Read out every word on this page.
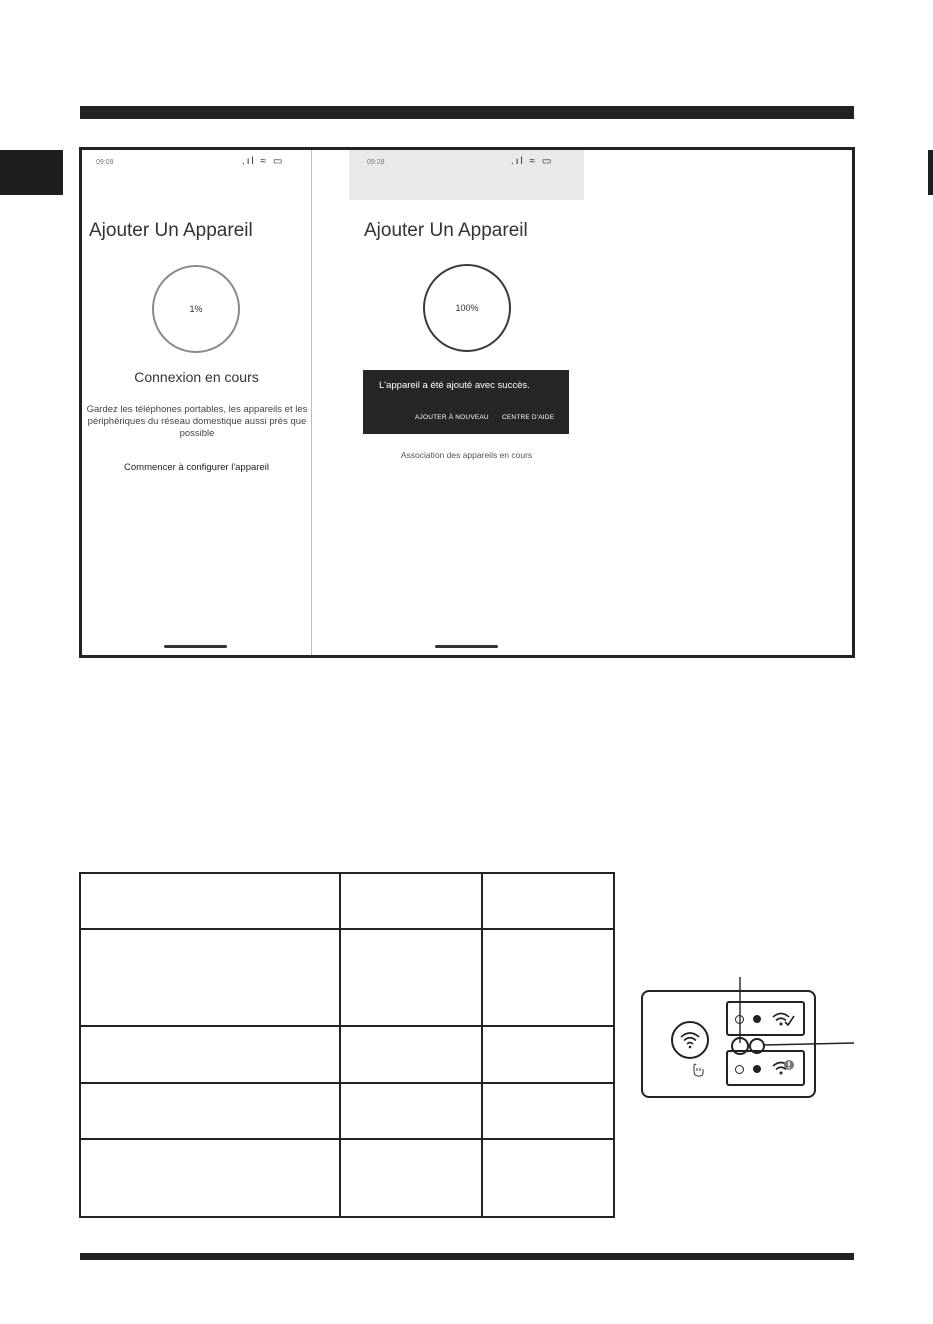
09:09	.ıl ≈ ▭
Ajouter Un Appareil
1%
Connexion en cours
Gardez les téléphones portables, les appareils et les périphériques du réseau domestique aussi près que possible
Commencer à configurer l'appareil
09:28	.ıl ≈ ▭
Ajouter Un Appareil
100%
L'appareil a été ajouté avec succès.
AJOUTER À NOUVEAU CENTRE D'AIDE
Association des appareils en cours
